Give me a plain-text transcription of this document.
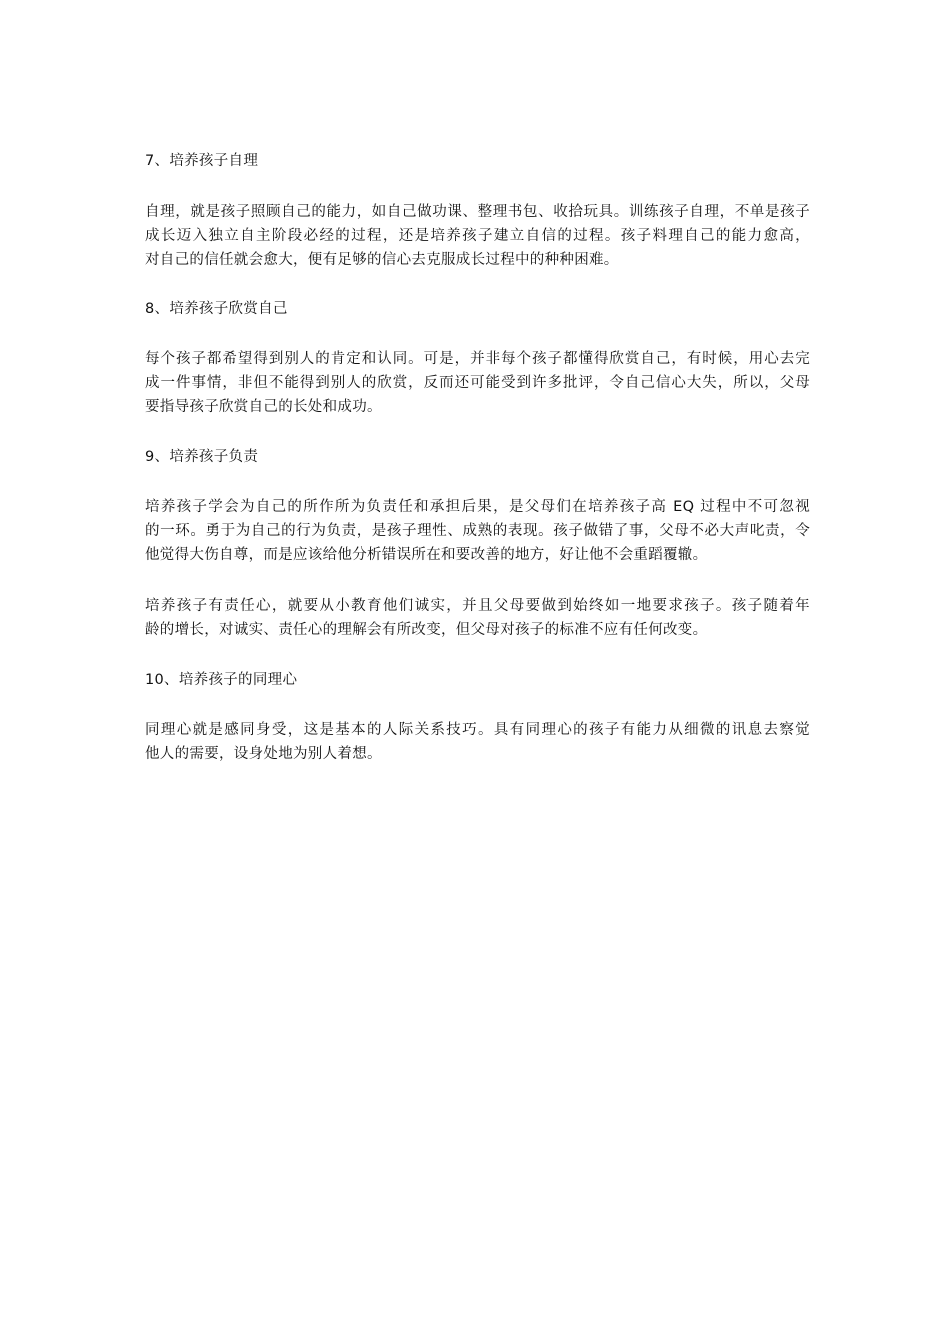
7、培养孩子自理
自理，就是孩子照顾自己的能力，如自己做功课、整理书包、收拾玩具。训练孩子自理，不单是孩子
成长迈入独立自主阶段必经的过程，还是培养孩子建立自信的过程。孩子料理自己的能力愈高，
对自己的信任就会愈大，便有足够的信心去克服成长过程中的种种困难。
8、培养孩子欣赏自己
每个孩子都希望得到别人的肯定和认同。可是，并非每个孩子都懂得欣赏自己，有时候，用心去完
成一件事情，非但不能得到别人的欣赏，反而还可能受到许多批评，令自己信心大失，所以，父母
要指导孩子欣赏自己的长处和成功。
9、培养孩子负责
培养孩子学会为自己的所作所为负责任和承担后果，是父母们在培养孩子高 EQ 过程中不可忽视
的一环。勇于为自己的行为负责，是孩子理性、成熟的表现。孩子做错了事，父母不必大声叱责，令
他觉得大伤自尊，而是应该给他分析错误所在和要改善的地方，好让他不会重蹈覆辙。
培养孩子有责任心，就要从小教育他们诚实，并且父母要做到始终如一地要求孩子。孩子随着年
龄的增长，对诚实、责任心的理解会有所改变，但父母对孩子的标准不应有任何改变。
10、培养孩子的同理心
同理心就是感同身受，这是基本的人际关系技巧。具有同理心的孩子有能力从细微的讯息去察觉
他人的需要，设身处地为别人着想。
